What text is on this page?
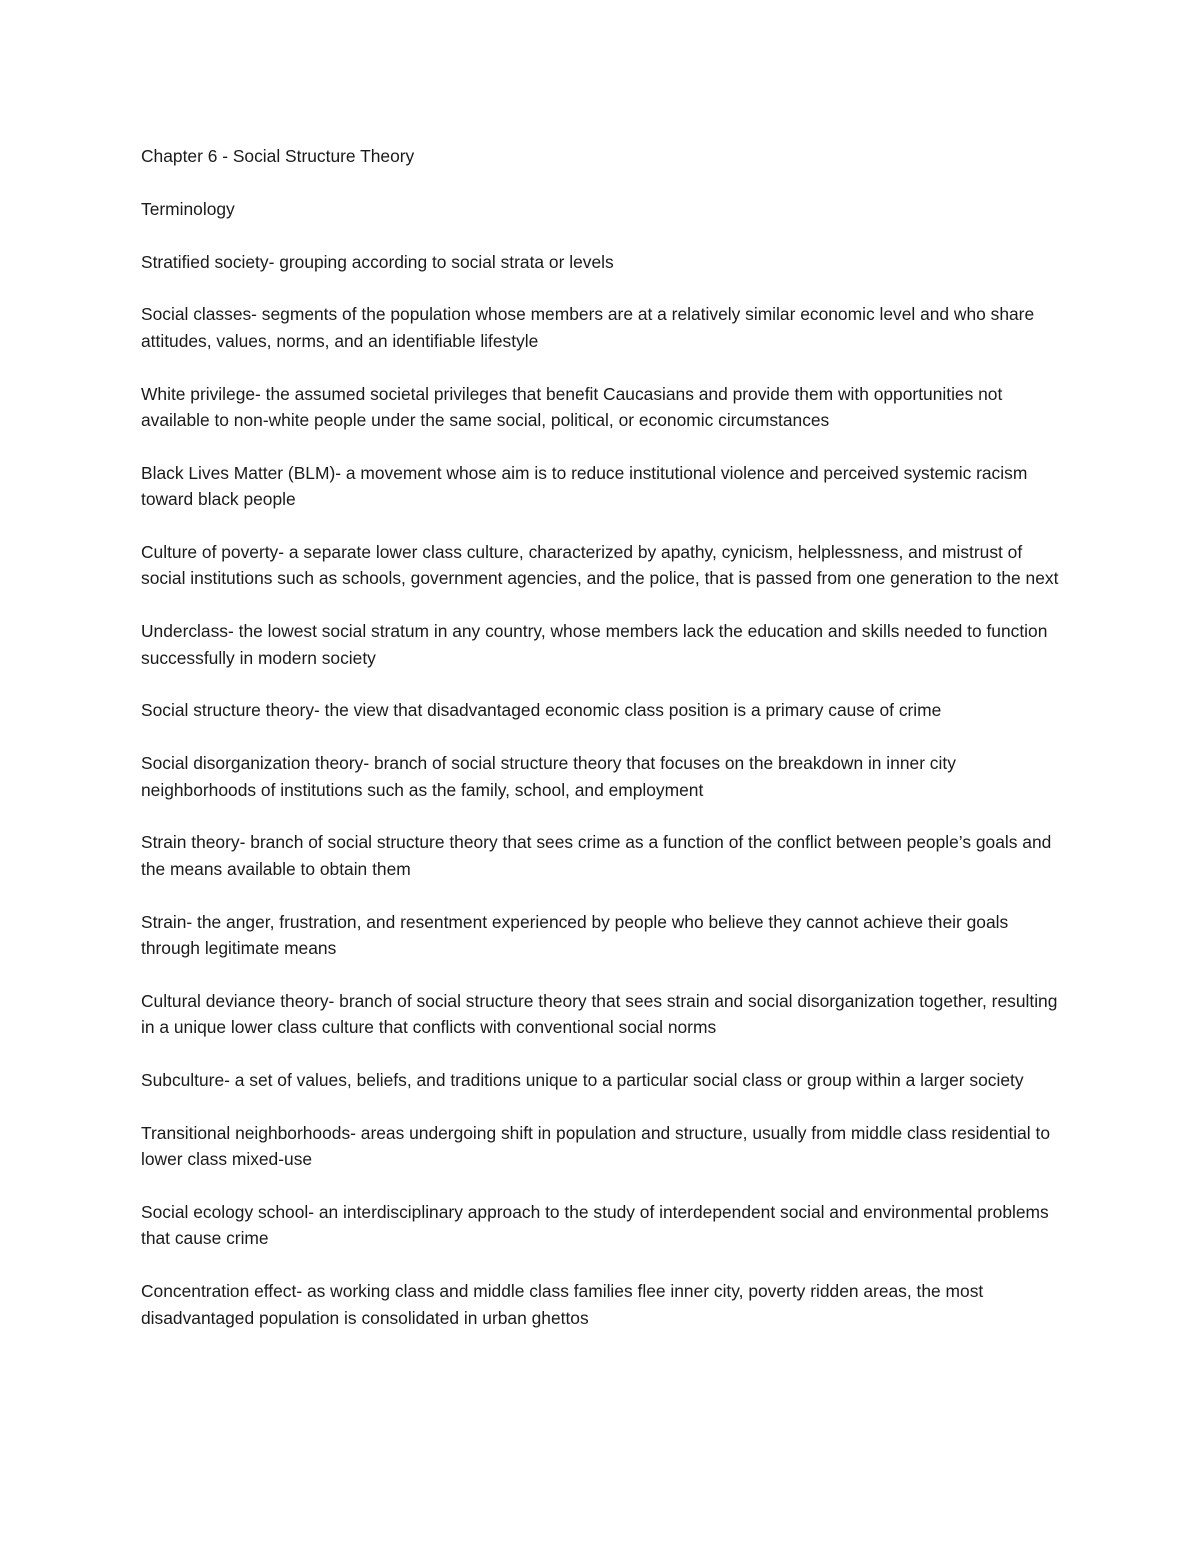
Chapter 6 - Social Structure Theory

Terminology

Stratified society- grouping according to social strata or levels

Social classes- segments of the population whose members are at a relatively similar economic level and who share attitudes, values, norms, and an identifiable lifestyle

White privilege- the assumed societal privileges that benefit Caucasians and provide them with opportunities not available to non-white people under the same social, political, or economic circumstances

Black Lives Matter (BLM)- a movement whose aim is to reduce institutional violence and perceived systemic racism toward black people

Culture of poverty- a separate lower class culture, characterized by apathy, cynicism, helplessness, and mistrust of social institutions such as schools, government agencies, and the police, that is passed from one generation to the next

Underclass- the lowest social stratum in any country, whose members lack the education and skills needed to function successfully in modern society

Social structure theory- the view that disadvantaged economic class position is a primary cause of crime

Social disorganization theory- branch of social structure theory that focuses on the breakdown in inner city neighborhoods of institutions such as the family, school, and employment

Strain theory- branch of social structure theory that sees crime as a function of the conflict between people’s goals and the means available to obtain them

Strain- the anger, frustration, and resentment experienced by people who believe they cannot achieve their goals through legitimate means

Cultural deviance theory- branch of social structure theory that sees strain and social disorganization together, resulting in a unique lower class culture that conflicts with conventional social norms

Subculture- a set of values, beliefs, and traditions unique to a particular social class or group within a larger society

Transitional neighborhoods- areas undergoing shift in population and structure, usually from middle class residential to lower class mixed-use

Social ecology school- an interdisciplinary approach to the study of interdependent social and environmental problems that cause crime

Concentration effect- as working class and middle class families flee inner city, poverty ridden areas, the most disadvantaged population is consolidated in urban ghettos
